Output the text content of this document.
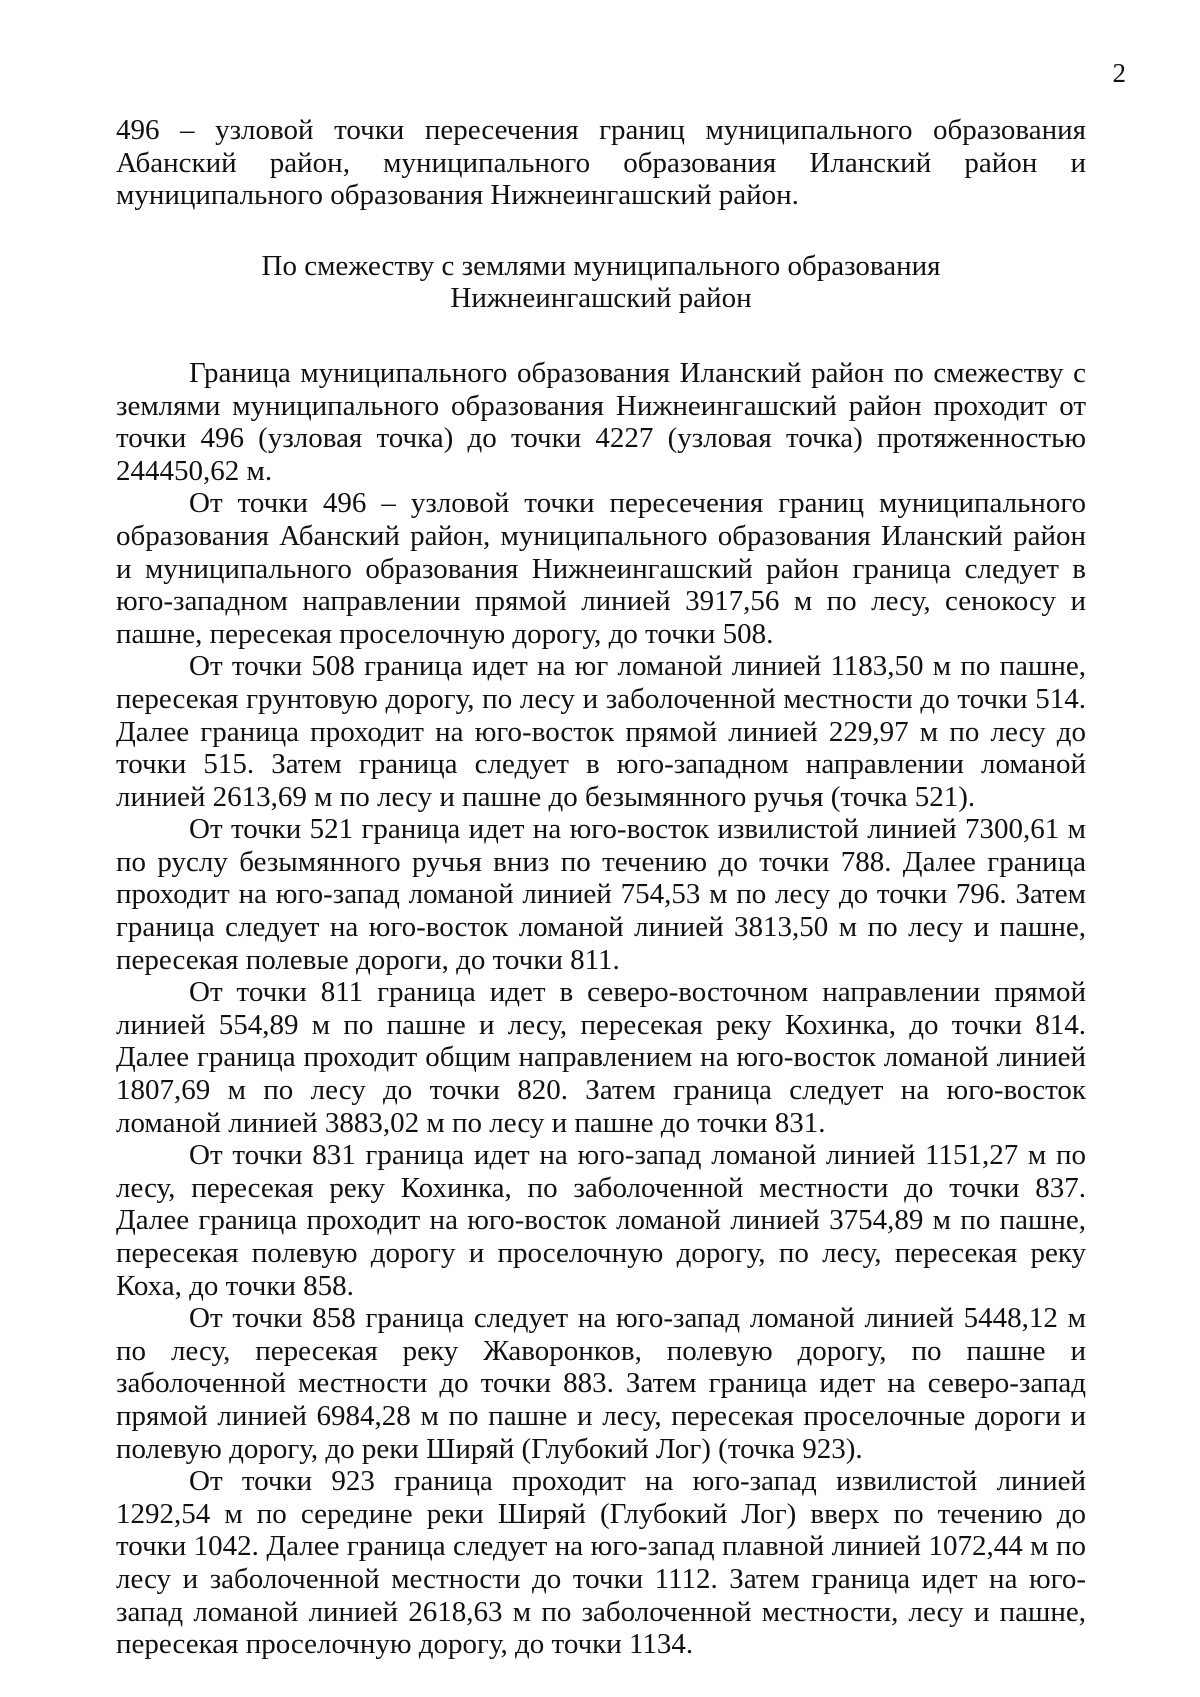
2

496 – узловой точки пересечения границ муниципального образования Абанский район, муниципального образования Иланский район и муниципального образования Нижнеингашский район.

По смежеству с землями муниципального образования
Нижнеингашский район

Граница муниципального образования Иланский район по смежеству с землями муниципального образования Нижнеингашский район проходит от точки 496 (узловая точка) до точки 4227 (узловая точка) протяженностью 244450,62 м.

От точки 496 – узловой точки пересечения границ муниципального образования Абанский район, муниципального образования Иланский район и муниципального образования Нижнеингашский район граница следует в юго-западном направлении прямой линией 3917,56 м по лесу, сенокосу и пашне, пересекая проселочную дорогу, до точки 508.

От точки 508 граница идет на юг ломаной линией 1183,50 м по пашне, пересекая грунтовую дорогу, по лесу и заболоченной местности до точки 514. Далее граница проходит на юго-восток прямой линией 229,97 м по лесу до точки 515. Затем граница следует в юго-западном направлении ломаной линией 2613,69 м по лесу и пашне до безымянного ручья (точка 521).

От точки 521 граница идет на юго-восток извилистой линией 7300,61 м по руслу безымянного ручья вниз по течению до точки 788. Далее граница проходит на юго-запад ломаной линией 754,53 м по лесу до точки 796. Затем граница следует на юго-восток ломаной линией 3813,50 м по лесу и пашне, пересекая полевые дороги, до точки 811.

От точки 811 граница идет в северо-восточном направлении прямой линией 554,89 м по пашне и лесу, пересекая реку Кохинка, до точки 814. Далее граница проходит общим направлением на юго-восток ломаной линией 1807,69 м по лесу до точки 820. Затем граница следует на юго-восток ломаной линией 3883,02 м по лесу и пашне до точки 831.

От точки 831 граница идет на юго-запад ломаной линией 1151,27 м по лесу, пересекая реку Кохинка, по заболоченной местности до точки 837. Далее граница проходит на юго-восток ломаной линией 3754,89 м по пашне, пересекая полевую дорогу и проселочную дорогу, по лесу, пересекая реку Коха, до точки 858.

От точки 858 граница следует на юго-запад ломаной линией 5448,12 м по лесу, пересекая реку Жаворонков, полевую дорогу, по пашне и заболоченной местности до точки 883. Затем граница идет на северо-запад прямой линией 6984,28 м по пашне и лесу, пересекая проселочные дороги и полевую дорогу, до реки Ширяй (Глубокий Лог) (точка 923).

От точки 923 граница проходит на юго-запад извилистой линией 1292,54 м по середине реки Ширяй (Глубокий Лог) вверх по течению до точки 1042. Далее граница следует на юго-запад плавной линией 1072,44 м по лесу и заболоченной местности до точки 1112. Затем граница идет на юго-запад ломаной линией 2618,63 м по заболоченной местности, лесу и пашне, пересекая проселочную дорогу, до точки 1134.
